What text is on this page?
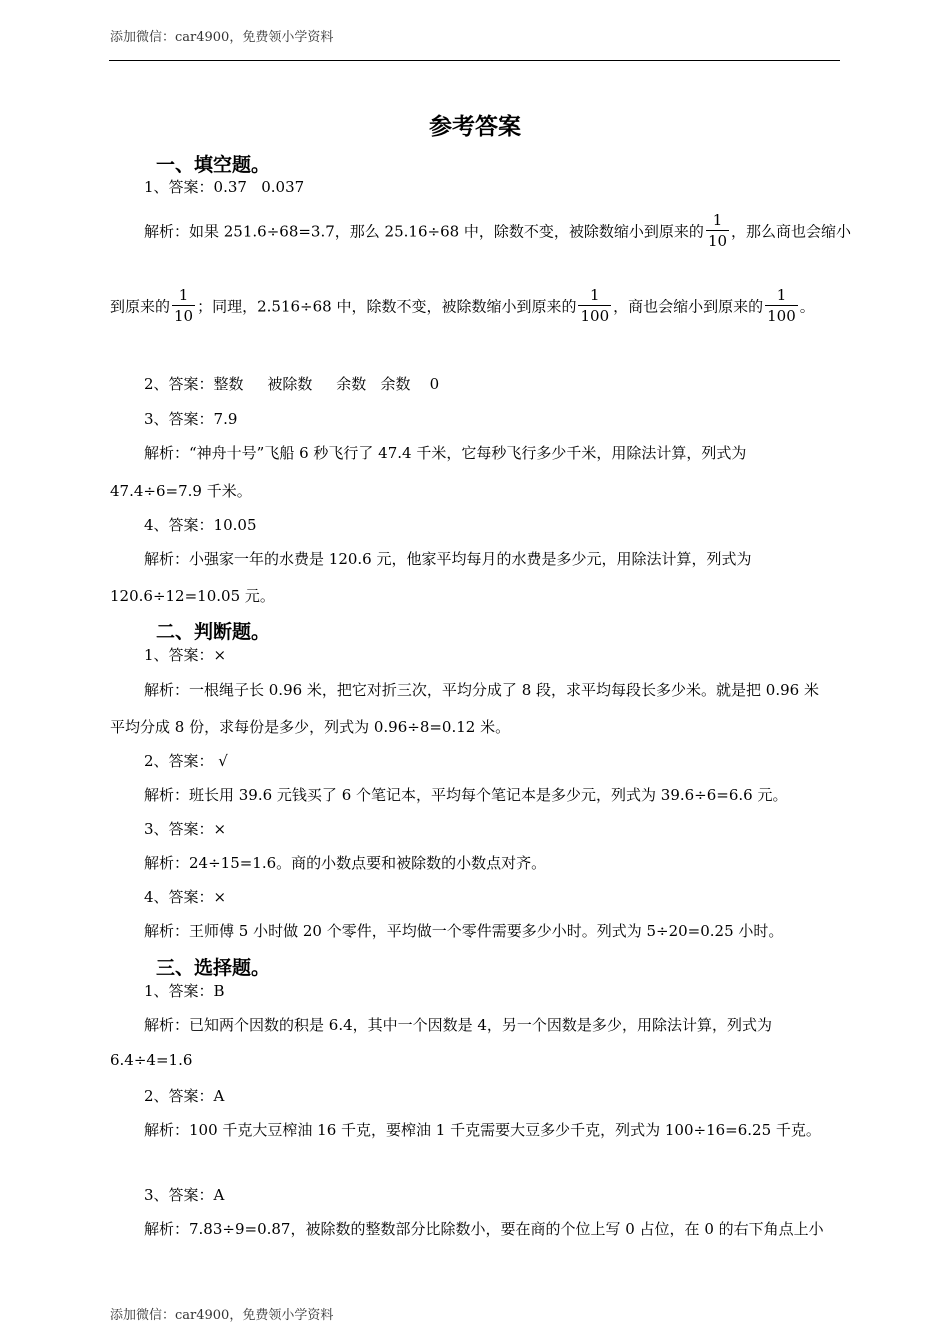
添加微信：car4900，免费领小学资料
参考答案
一、填空题。
1、答案：0.37   0.037
解析：如果 251.6÷68=3.7，那么 25.16÷68 中，除数不变，被除数缩小到原来的 $\frac{1}{10}$ ，那么商也会缩小
到原来的 $\frac{1}{10}$ ；同理，2.516÷68 中，除数不变，被除数缩小到原来的 $\frac{1}{100}$ ，商也会缩小到原来的 $\frac{1}{100}$ 。
2、答案：整数     被除数     余数   余数    0
3、答案：7.9
解析：“神舟十号”飞船 6 秒飞行了 47.4 千米，它每秒飞行多少千米，用除法计算，列式为
47.4÷6=7.9 千米。
4、答案：10.05
解析：小强家一年的水费是 120.6 元，他家平均每月的水费是多少元，用除法计算，列式为
120.6÷12=10.05 元。
二、判断题。
1、答案：×
解析：一根绳子长 0.96 米，把它对折三次，平均分成了 8 段，求平均每段长多少米。就是把 0.96 米
平均分成 8 份，求每份是多少，列式为 0.96÷8=0.12 米。
2、答案： √
解析：班长用 39.6 元钱买了 6 个笔记本，平均每个笔记本是多少元，列式为 39.6÷6=6.6 元。
3、答案：×
解析：24÷15=1.6。商的小数点要和被除数的小数点对齐。
4、答案：×
解析：王师傅 5 小时做 20 个零件，平均做一个零件需要多少小时。列式为 5÷20=0.25 小时。
三、选择题。
1、答案：B
解析：已知两个因数的积是 6.4，其中一个因数是 4，另一个因数是多少，用除法计算，列式为
6.4÷4=1.6
2、答案：A
解析：100 千克大豆榨油 16 千克，要榨油 1 千克需要大豆多少千克，列式为 100÷16=6.25 千克。
3、答案：A
解析：7.83÷9=0.87，被除数的整数部分比除数小，要在商的个位上写 0 占位，在 0 的右下角点上小
添加微信：car4900，免费领小学资料
